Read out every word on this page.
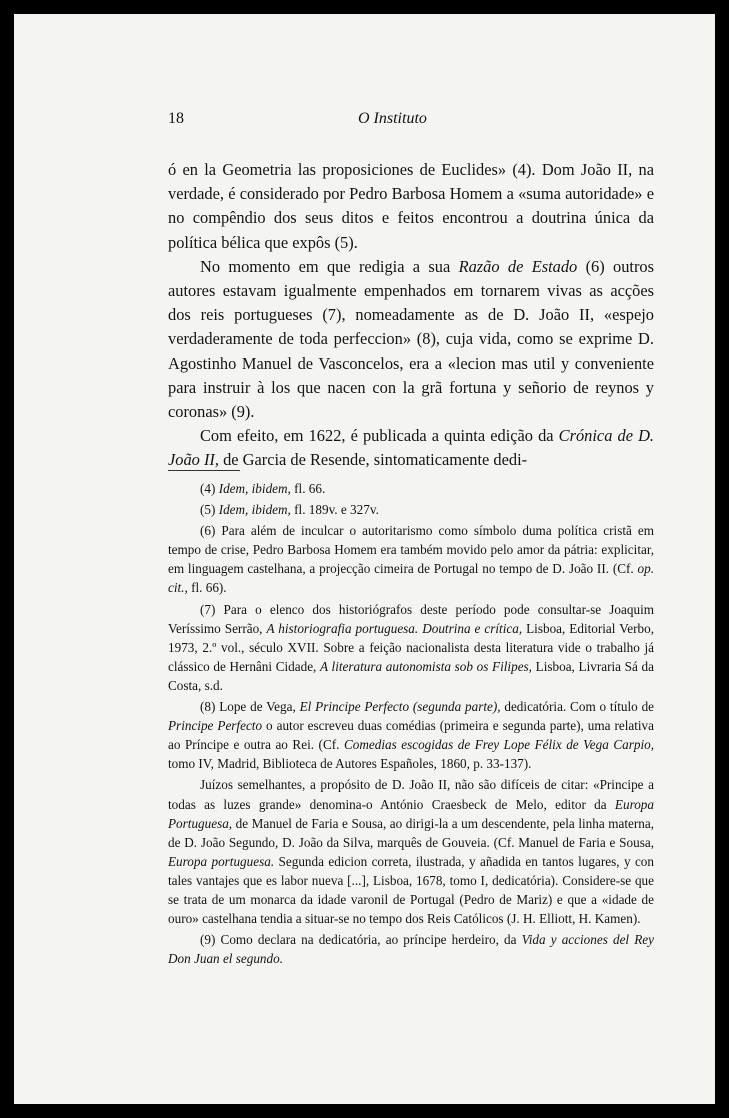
18	O Instituto

ó en la Geometria las proposiciones de Euclides» (4). Dom João II, na verdade, é considerado por Pedro Barbosa Homem a «suma autoridade» e no compêndio dos seus ditos e feitos encontrou a doutrina única da política bélica que expôs (5).

No momento em que redigia a sua Razão de Estado (6) outros autores estavam igualmente empenhados em tornarem vivas as acções dos reis portugueses (7), nomeadamente as de D. João II, «espejo verdaderamente de toda perfeccion» (8), cuja vida, como se exprime D. Agostinho Manuel de Vasconcelos, era a «lecion mas util y conveniente para instruir à los que nacen con la grã fortuna y señorio de reynos y coronas» (9).

Com efeito, em 1622, é publicada a quinta edição da Crónica de D. João II, de Garcia de Resende, sintomaticamente dedi-

(4) Idem, ibidem, fl. 66.

(5) Idem, ibidem, fl. 189v. e 327v.

(6) Para além de inculcar o autoritarismo como símbolo duma política cristã em tempo de crise, Pedro Barbosa Homem era também movido pelo amor da pátria: explicitar, em linguagem castelhana, a projecção cimeira de Portugal no tempo de D. João II. (Cf. op. cit., fl. 66).

(7) Para o elenco dos historiógrafos deste período pode consultar-se Joaquim Veríssimo Serrão, A historiografia portuguesa. Doutrina e crítica, Lisboa, Editorial Verbo, 1973, 2.º vol., século XVII. Sobre a feição nacionalista desta literatura vide o trabalho já clássico de Hernâni Cidade, A literatura autonomista sob os Filipes, Lisboa, Livraria Sá da Costa, s.d.

(8) Lope de Vega, El Principe Perfecto (segunda parte), dedicatória. Com o título de Principe Perfecto o autor escreveu duas comédias (primeira e segunda parte), uma relativa ao Príncipe e outra ao Rei. (Cf. Comedias escogidas de Frey Lope Félix de Vega Carpio, tomo IV, Madrid, Biblioteca de Autores Españoles, 1860, p. 33-137).

Juízos semelhantes, a propósito de D. João II, não são difíceis de citar: «Principe a todas as luzes grande» denomina-o António Craesbeck de Melo, editor da Europa Portuguesa, de Manuel de Faria e Sousa, ao dirigi-la a um descendente, pela linha materna, de D. João Segundo, D. João da Silva, marquês de Gouveia. (Cf. Manuel de Faria e Sousa, Europa portuguesa. Segunda edicion correta, ilustrada, y añadida en tantos lugares, y con tales vantajes que es labor nueva [...], Lisboa, 1678, tomo I, dedicatória). Considere-se que se trata de um monarca da idade varonil de Portugal (Pedro de Mariz) e que a «idade de ouro» castelhana tendia a situar-se no tempo dos Reis Católicos (J. H. Elliott, H. Kamen).

(9) Como declara na dedicatória, ao príncipe herdeiro, da Vida y acciones del Rey Don Juan el segundo.
